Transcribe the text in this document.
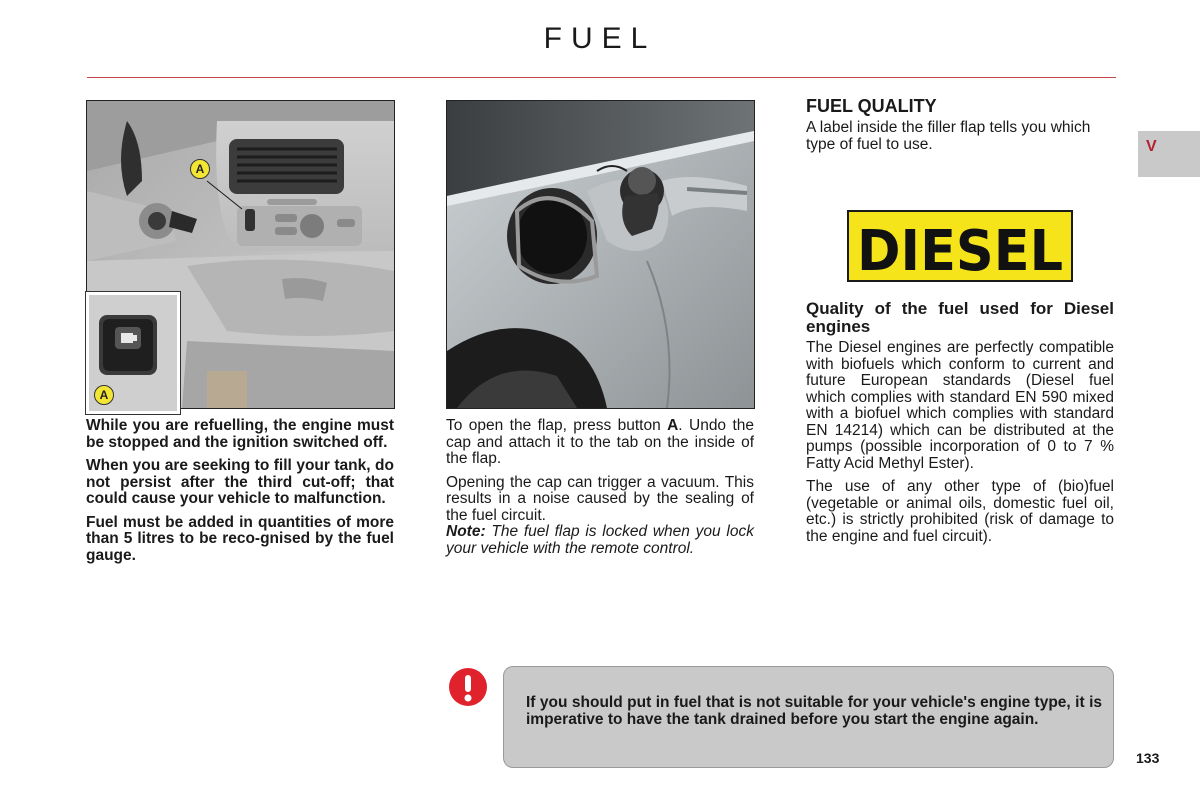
FUEL
V
A
A

While you are refuelling, the engine must be stopped and the ignition switched off.

When you are seeking to fill your tank, do not persist after the third cut-off; that could cause your vehicle to malfunction.

Fuel must be added in quantities of more than 5 litres to be reco-gnised by the fuel gauge.

To open the flap, press button A. Undo the cap and attach it to the tab on the inside of the flap.

Opening the cap can trigger a vacuum. This results in a noise caused by the sealing of the fuel circuit.

Note: The fuel flap is locked when you lock your vehicle with the remote control.

FUEL QUALITY

A label inside the filler flap tells you which type of fuel to use.

DIESEL
Quality of the fuel used for Diesel engines

The Diesel engines are perfectly compatible with biofuels which conform to current and future European standards (Diesel fuel which complies with standard EN 590 mixed with a biofuel which complies with standard EN 14214) which can be distributed at the pumps (possible incorporation of 0 to 7 % Fatty Acid Methyl Ester).

The use of any other type of (bio)fuel (vegetable or animal oils, domestic fuel oil, etc.) is strictly prohibited (risk of damage to the engine and fuel circuit).

If you should put in fuel that is not suitable for your vehicle's engine type, it is imperative to have the tank drained before you start the engine again.
133
